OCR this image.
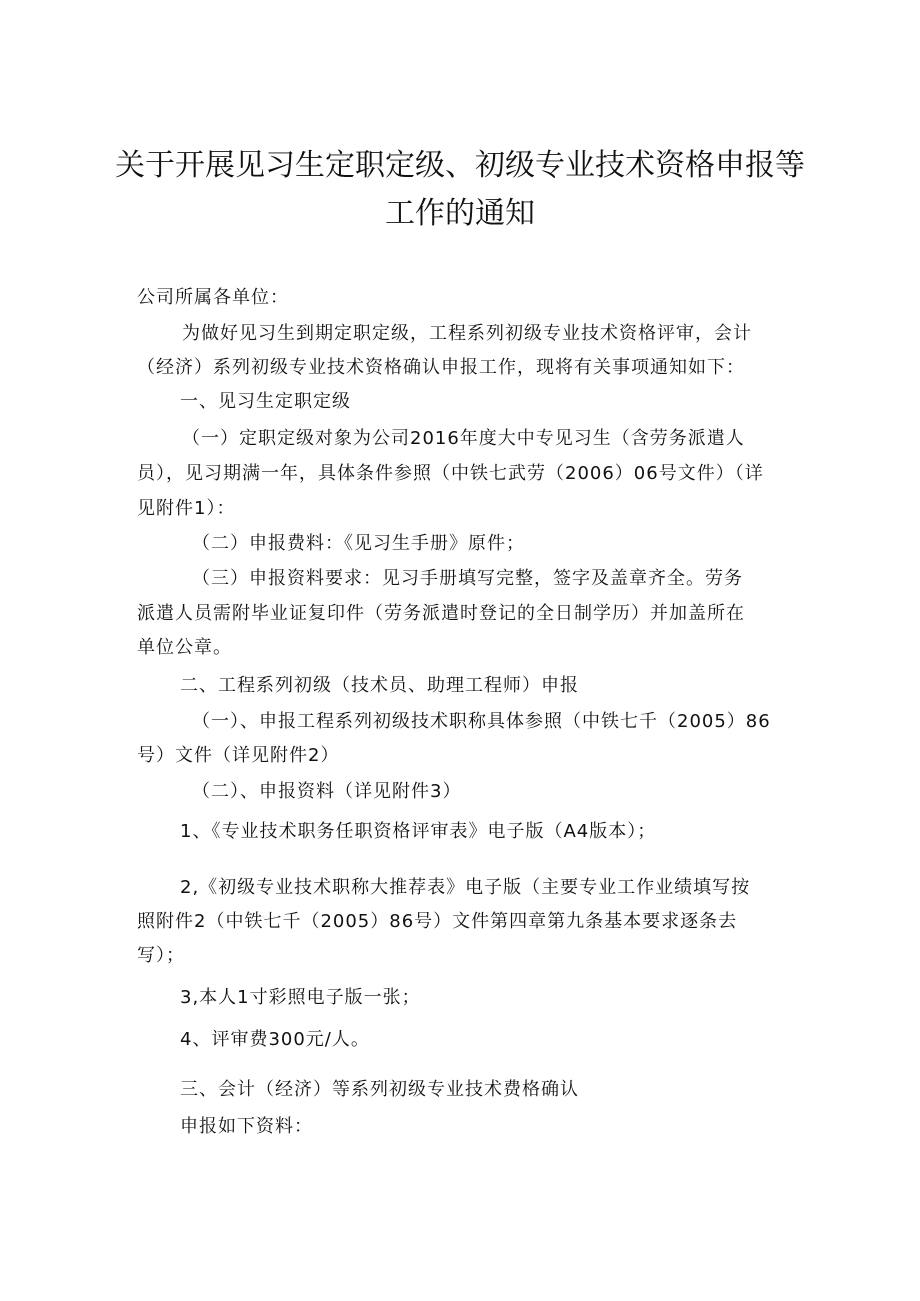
关于开展见习生定职定级、初级专业技术资格申报等
工作的通知
公司所属各单位：
为做好见习生到期定职定级，工程系列初级专业技术资格评审，会计
（经济）系列初级专业技术资格确认申报工作，现将有关事项通知如下：
一、见习生定职定级
（一）定职定级对象为公司2016年度大中专见习生（含劳务派遣人
员），见习期满一年，具体条件参照（中铁七武劳（2006）06号文件）（详
见附件1）：
（二）申报费料：《见习生手册》原件；
（三）申报资料要求：见习手册填写完整，签字及盖章齐全。劳务
派遣人员需附毕业证复印件（劳务派遣时登记的全日制学历）并加盖所在
单位公章。
二、工程系列初级（技术员、助理工程师）申报
（一）、申报工程系列初级技术职称具体参照（中铁七千（2005）86
号）文件（详见附件2）
（二）、申报资料（详见附件3）
1、《专业技术职务任职资格评审表》电子版（A4版本）；
2,《初级专业技术职称大推荐表》电子版（主要专业工作业绩填写按
照附件2（中铁七千（2005）86号）文件第四章第九条基本要求逐条去
写）；
3,本人1寸彩照电子版一张；
4、评审费300元/人。
三、会计（经济）等系列初级专业技术费格确认
申报如下资料：
